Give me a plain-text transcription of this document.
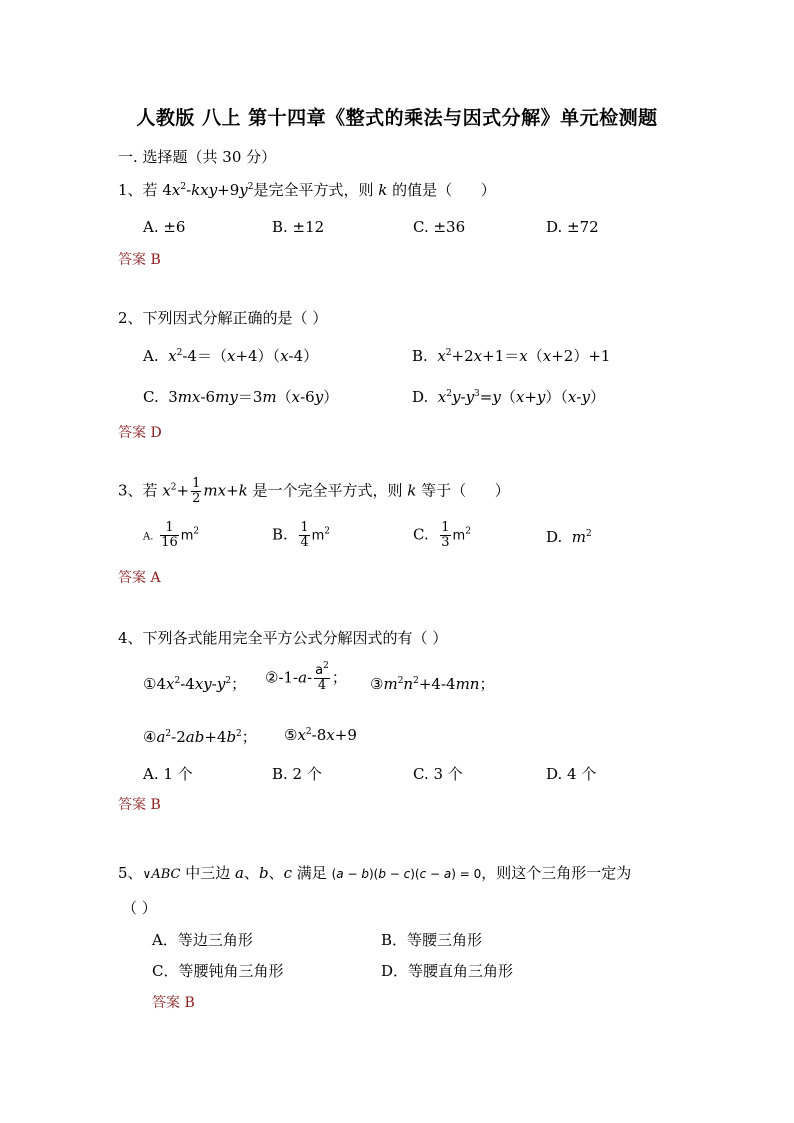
人教版 八上 第十四章《整式的乘法与因式分解》单元检测题
一. 选择题（共 30 分）
1、若 $4x^2-kxy+9y^2$是完全平方式，则 k 的值是（      ）
A. ±6	B. ±12	C. ±36	D. ±72
答案 B
2、下列因式分解正确的是（ ）
A.  $x^2-4=(x+4)(x-4)$	B.  $x^2+2x+1=x(x+2)+1$
C.  3mx-6my＝3m（x-6y）	D.  $x^2y-y^3=y(x+y)(x-y)$
答案 D
3、若 $x^2+ \frac{1}{2} mx+k$ 是一个完全平方式，则 k 等于（      ）
A. $\frac{1}{16} m^2$	B. $\frac{1}{4} m^2$	C. $\frac{1}{3} m^2$	D.  $m^2$
答案 A
4、下列各式能用完全平方公式分解因式的有（ ）
$①4x^2-4xy-y^2$； ②-1-a- $\frac{a^2}{4}$ ； $③m^2n^2+4-4mn$；
$④a^2-2ab+4b^2$； $⑤x^2-8x+9$
A. 1 个	B. 2 个	C. 3 个	D. 4 个
答案 B
5、∨ABC 中三边 a、b、c 满足 (a − b)(b − c)(c − a) = 0，则这个三角形一定为
（ ）
A．等边三角形	B．等腰三角形
C．等腰钝角三角形	D．等腰直角三角形
答案 B
